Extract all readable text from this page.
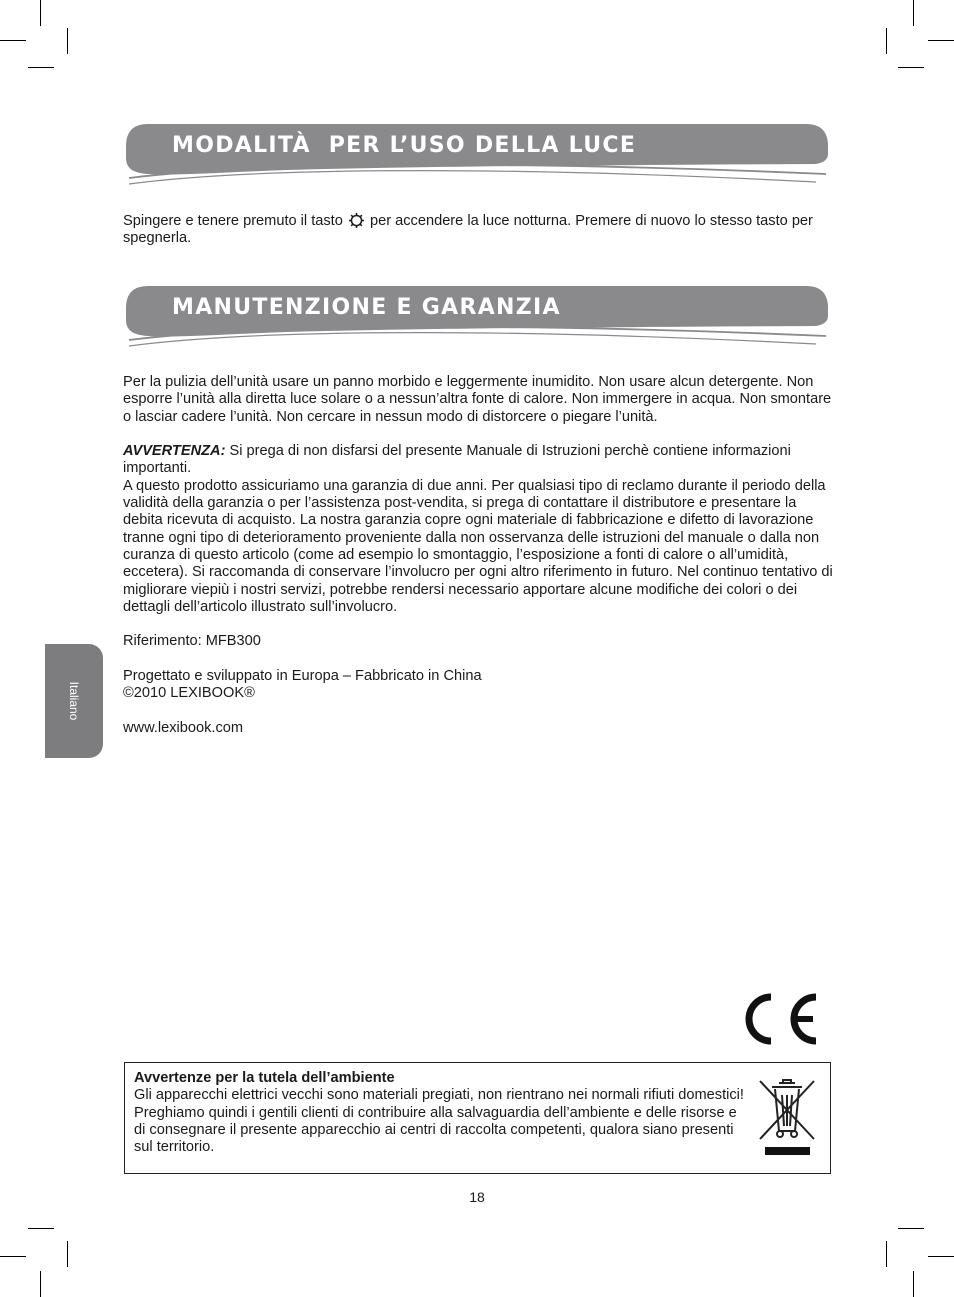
MODALITÀ  PER L’USO DELLA LUCE

Spingere e tenere premuto il tasto per accendere la luce notturna. Premere di nuovo lo stesso tasto per spegnerla.

MANUTENZIONE E GARANZIA

Per la pulizia dell’unità usare un panno morbido e leggermente inumidito. Non usare alcun detergente. Non esporre l’unità alla diretta luce solare o a nessun’altra fonte di calore. Non immergere in acqua. Non smontare o lasciar cadere l’unità. Non cercare in nessun modo di distorcere o piegare l’unità.

AVVERTENZA: Si prega di non disfarsi del presente Manuale di Istruzioni perchè contiene informazioni importanti.

A questo prodotto assicuriamo una garanzia di due anni. Per qualsiasi tipo di reclamo durante il periodo della validità della garanzia o per l’assistenza post-vendita, si prega di contattare il distributore e presentare la debita ricevuta di acquisto. La nostra garanzia copre ogni materiale di fabbricazione e difetto di lavorazione tranne ogni tipo di deterioramento proveniente dalla non osservanza delle istruzioni del manuale o dalla non curanza di questo articolo (come ad esempio lo smontaggio, l’esposizione a fonti di calore o all’umidità, eccetera). Si raccomanda di conservare l’involucro per ogni altro riferimento in futuro. Nel continuo tentativo di migliorare viepiù i nostri servizi, potrebbe rendersi necessario apportare alcune modifiche dei colori o dei dettagli dell’articolo illustrato sull’involucro.

Riferimento: MFB300

Progettato e sviluppato in Europa – Fabbricato in China

©2010 LEXIBOOK®

www.lexibook.com

Italiano
Avvertenze per la tutela dell’ambiente
Gli apparecchi elettrici vecchi sono materiali pregiati, non rientrano nei normali rifiuti domestici! Preghiamo quindi i gentili clienti di contribuire alla salvaguardia dell’ambiente e delle risorse e di consegnare il presente apparecchio ai centri di raccolta competenti, qualora siano presenti sul territorio.
18
